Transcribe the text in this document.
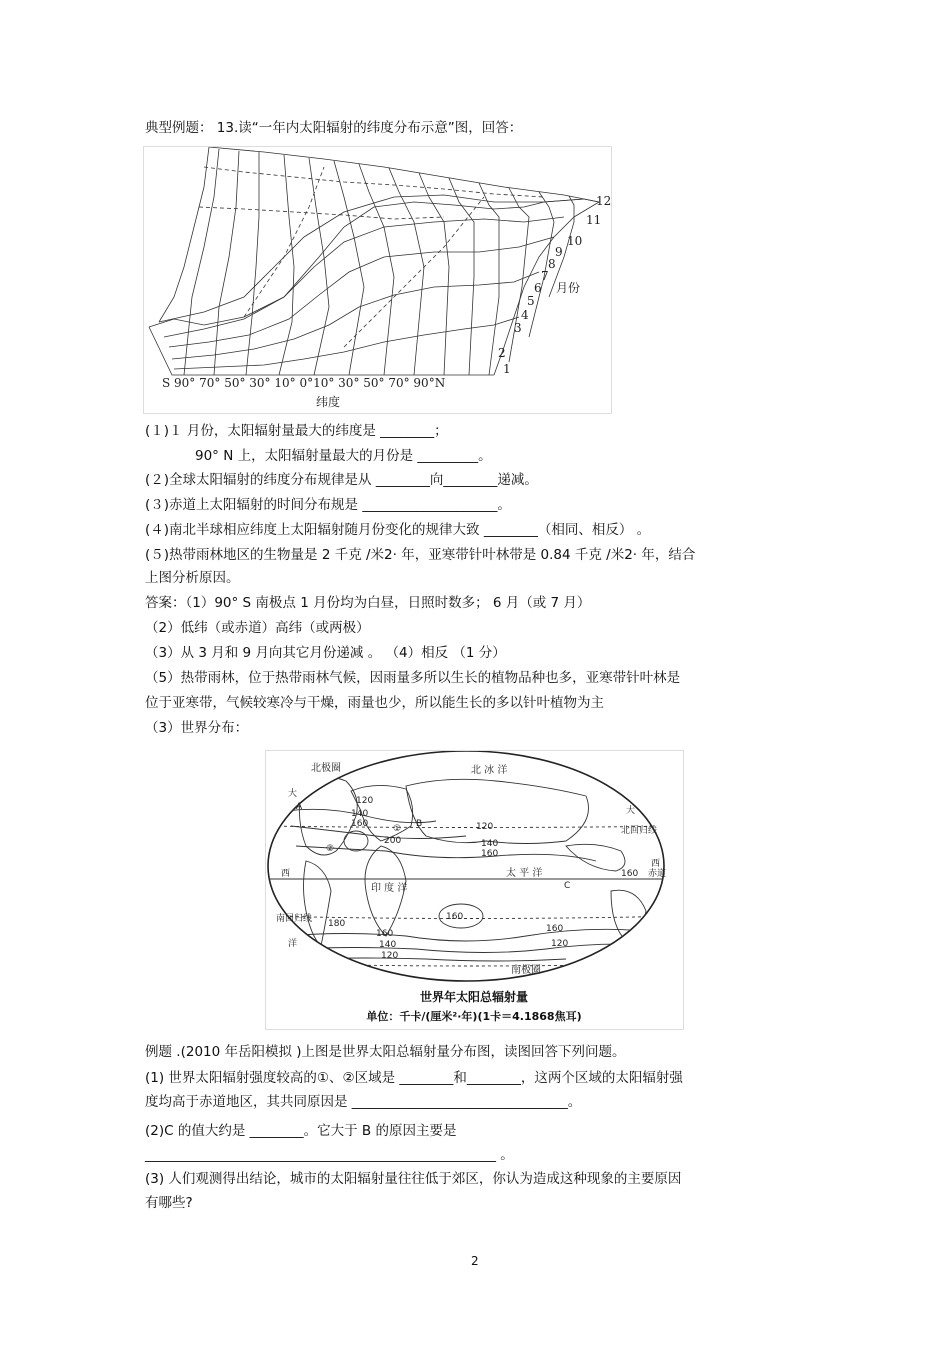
典型例题： 13.读“一年内太阳辐射的纬度分布示意”图，回答：
1
2
3
4
5
6
7
8
9
10
11
12
月份
S 90° 70° 50° 30° 10° 0°10° 30° 50° 70° 90°N
纬度
(１)１ 月份，太阳辐射量最大的纬度是 ________；
90° N 上，太阳辐射量最大的月份是 _________。
(２)全球太阳辐射的纬度分布规律是从 ________向________递减。
(３)赤道上太阳辐射的时间分布规是 ____________________。
(４)南北半球相应纬度上太阳辐射随月份变化的规律大致 ________（相同、相反） 。
(５)热带雨林地区的生物量是 2 千克 /米2· 年，亚寒带针叶林带是 0.84 千克 /米2· 年，结合
上图分析原因。
答案：（1）90° S 南极点 1 月份均为白昼，日照时数多； 6 月（或 7 月）
（2）低纬（或赤道）高纬（或两极）
（3）从 3 月和 9 月向其它月份递减 。 （4）相反 （1 分）
（5）热带雨林，位于热带雨林气候，因雨量多所以生长的植物品种也多，亚寒带针叶林是
位于亚寒带，气候较寒冷与干燥，雨量也少，所以能生长的多以针叶植物为主
（3）世界分布：
北极圈	北 冰 洋
北回归线
赤道
南回归线
南极圈
印 度 洋
太 平 洋
西
西
大
大
洋
A
B
C
①
②
120
140
160
200
120
140
160
160
180
160
140
120
160
120
160
世界年太阳总辐射量
单位：千卡/(厘米²·年)(1卡＝4.1868焦耳)
例题 .(2010 年岳阳模拟 )上图是世界太阳总辐射量分布图，读图回答下列问题。
(1) 世界太阳辐射强度较高的①、②区域是 ________和________，这两个区域的太阳辐射强
度均高于赤道地区，其共同原因是 ________________________________。
(2)C 的值大约是 ________。它大于 B 的原因主要是
____________________________________________________ 。
(3) 人们观测得出结论，城市的太阳辐射量往往低于郊区，你认为造成这种现象的主要原因
有哪些?
2
